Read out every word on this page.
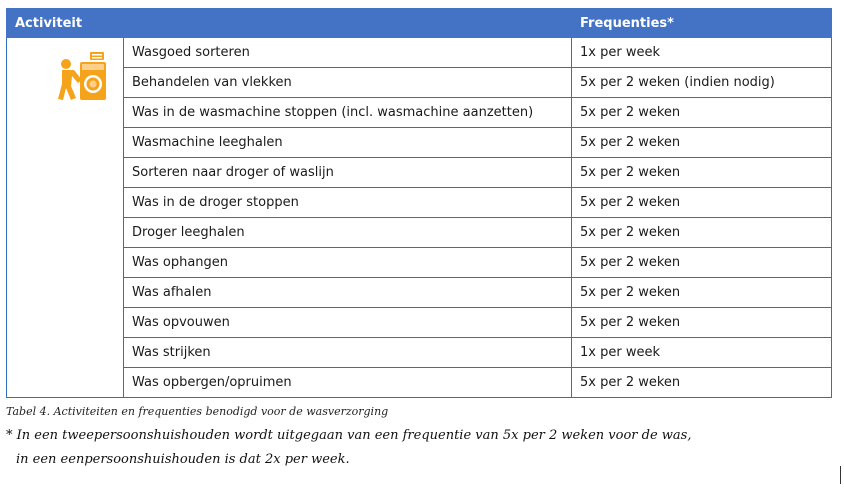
Activiteit		Frequenties*

	Wasgoed sorteren	1x per week
	Behandelen van vlekken	5x per 2 weken (indien nodig)
	Was in de wasmachine stoppen (incl. wasmachine aanzetten)	5x per 2 weken
	Wasmachine leeghalen	5x per 2 weken
	Sorteren naar droger of waslijn	5x per 2 weken
	Was in de droger stoppen	5x per 2 weken
	Droger leeghalen	5x per 2 weken
	Was ophangen	5x per 2 weken
	Was afhalen	5x per 2 weken
	Was opvouwen	5x per 2 weken
	Was strijken	1x per week
	Was opbergen/opruimen	5x per 2 weken
Tabel 4. Activiteiten en frequenties benodigd voor de wasverzorging
* In een tweepersoonshuishouden wordt uitgegaan van een frequentie van 5x per 2 weken voor de was,
in een eenpersoonshuishouden is dat 2x per week.
